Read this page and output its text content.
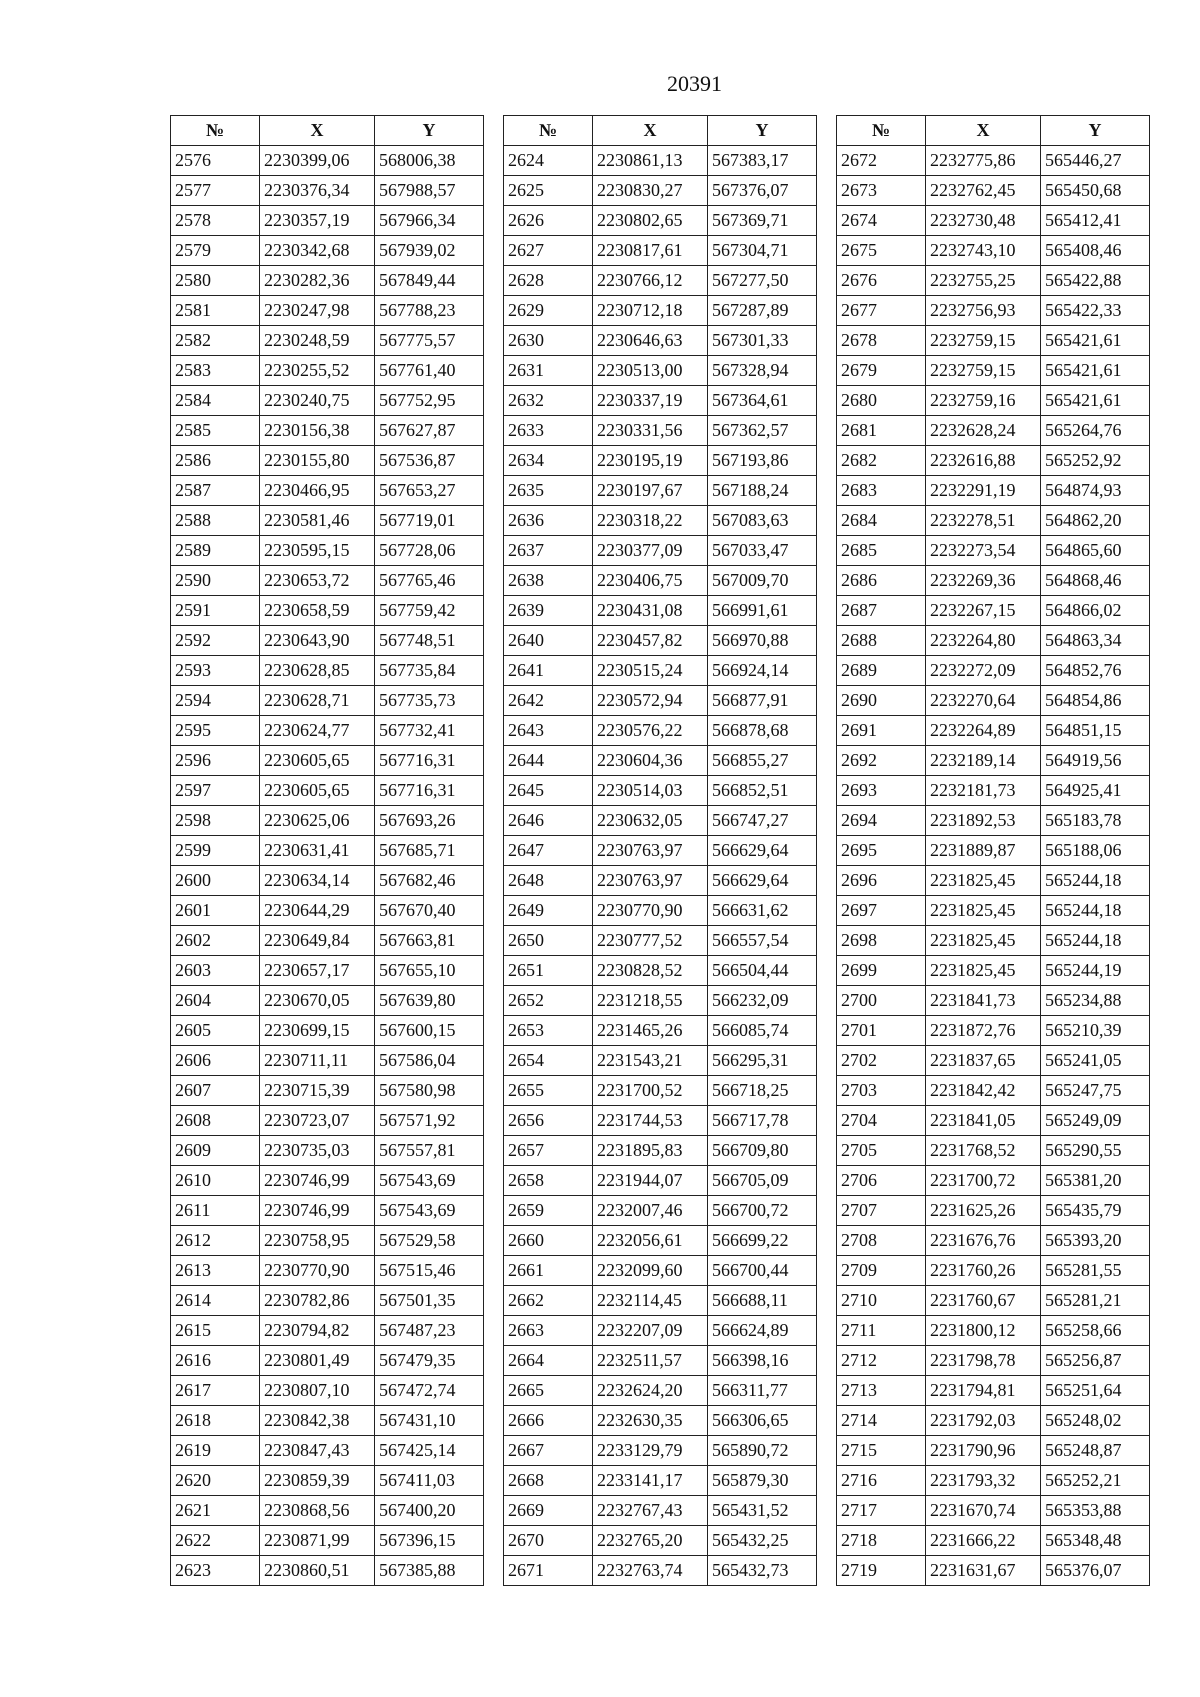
20391
№	X	Y
2576	2230399,06	568006,38
2577	2230376,34	567988,57
2578	2230357,19	567966,34
2579	2230342,68	567939,02
2580	2230282,36	567849,44
2581	2230247,98	567788,23
2582	2230248,59	567775,57
2583	2230255,52	567761,40
2584	2230240,75	567752,95
2585	2230156,38	567627,87
2586	2230155,80	567536,87
2587	2230466,95	567653,27
2588	2230581,46	567719,01
2589	2230595,15	567728,06
2590	2230653,72	567765,46
2591	2230658,59	567759,42
2592	2230643,90	567748,51
2593	2230628,85	567735,84
2594	2230628,71	567735,73
2595	2230624,77	567732,41
2596	2230605,65	567716,31
2597	2230605,65	567716,31
2598	2230625,06	567693,26
2599	2230631,41	567685,71
2600	2230634,14	567682,46
2601	2230644,29	567670,40
2602	2230649,84	567663,81
2603	2230657,17	567655,10
2604	2230670,05	567639,80
2605	2230699,15	567600,15
2606	2230711,11	567586,04
2607	2230715,39	567580,98
2608	2230723,07	567571,92
2609	2230735,03	567557,81
2610	2230746,99	567543,69
2611	2230746,99	567543,69
2612	2230758,95	567529,58
2613	2230770,90	567515,46
2614	2230782,86	567501,35
2615	2230794,82	567487,23
2616	2230801,49	567479,35
2617	2230807,10	567472,74
2618	2230842,38	567431,10
2619	2230847,43	567425,14
2620	2230859,39	567411,03
2621	2230868,56	567400,20
2622	2230871,99	567396,15
2623	2230860,51	567385,88
№	X	Y
2624	2230861,13	567383,17
2625	2230830,27	567376,07
2626	2230802,65	567369,71
2627	2230817,61	567304,71
2628	2230766,12	567277,50
2629	2230712,18	567287,89
2630	2230646,63	567301,33
2631	2230513,00	567328,94
2632	2230337,19	567364,61
2633	2230331,56	567362,57
2634	2230195,19	567193,86
2635	2230197,67	567188,24
2636	2230318,22	567083,63
2637	2230377,09	567033,47
2638	2230406,75	567009,70
2639	2230431,08	566991,61
2640	2230457,82	566970,88
2641	2230515,24	566924,14
2642	2230572,94	566877,91
2643	2230576,22	566878,68
2644	2230604,36	566855,27
2645	2230514,03	566852,51
2646	2230632,05	566747,27
2647	2230763,97	566629,64
2648	2230763,97	566629,64
2649	2230770,90	566631,62
2650	2230777,52	566557,54
2651	2230828,52	566504,44
2652	2231218,55	566232,09
2653	2231465,26	566085,74
2654	2231543,21	566295,31
2655	2231700,52	566718,25
2656	2231744,53	566717,78
2657	2231895,83	566709,80
2658	2231944,07	566705,09
2659	2232007,46	566700,72
2660	2232056,61	566699,22
2661	2232099,60	566700,44
2662	2232114,45	566688,11
2663	2232207,09	566624,89
2664	2232511,57	566398,16
2665	2232624,20	566311,77
2666	2232630,35	566306,65
2667	2233129,79	565890,72
2668	2233141,17	565879,30
2669	2232767,43	565431,52
2670	2232765,20	565432,25
2671	2232763,74	565432,73
№	X	Y
2672	2232775,86	565446,27
2673	2232762,45	565450,68
2674	2232730,48	565412,41
2675	2232743,10	565408,46
2676	2232755,25	565422,88
2677	2232756,93	565422,33
2678	2232759,15	565421,61
2679	2232759,15	565421,61
2680	2232759,16	565421,61
2681	2232628,24	565264,76
2682	2232616,88	565252,92
2683	2232291,19	564874,93
2684	2232278,51	564862,20
2685	2232273,54	564865,60
2686	2232269,36	564868,46
2687	2232267,15	564866,02
2688	2232264,80	564863,34
2689	2232272,09	564852,76
2690	2232270,64	564854,86
2691	2232264,89	564851,15
2692	2232189,14	564919,56
2693	2232181,73	564925,41
2694	2231892,53	565183,78
2695	2231889,87	565188,06
2696	2231825,45	565244,18
2697	2231825,45	565244,18
2698	2231825,45	565244,18
2699	2231825,45	565244,19
2700	2231841,73	565234,88
2701	2231872,76	565210,39
2702	2231837,65	565241,05
2703	2231842,42	565247,75
2704	2231841,05	565249,09
2705	2231768,52	565290,55
2706	2231700,72	565381,20
2707	2231625,26	565435,79
2708	2231676,76	565393,20
2709	2231760,26	565281,55
2710	2231760,67	565281,21
2711	2231800,12	565258,66
2712	2231798,78	565256,87
2713	2231794,81	565251,64
2714	2231792,03	565248,02
2715	2231790,96	565248,87
2716	2231793,32	565252,21
2717	2231670,74	565353,88
2718	2231666,22	565348,48
2719	2231631,67	565376,07
